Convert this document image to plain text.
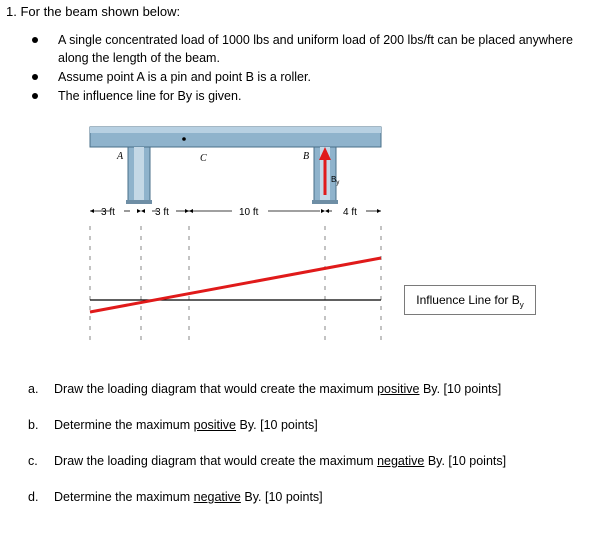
1. For the beam shown below:
A single concentrated load of 1000 lbs and uniform load of 200 lbs/ft can be placed anywhere along the length of the beam.
Assume point A is a pin and point B is a roller.
The influence line for By is given.
$B_y$
A	C	B
3 ft	3 ft	10 ft	4 ft
Influence Line for $B_y$
a. Draw the loading diagram that would create the maximum positive By. [10 points]
b. Determine the maximum positive By. [10 points]
c. Draw the loading diagram that would create the maximum negative By. [10 points]
d. Determine the maximum negative By. [10 points]
